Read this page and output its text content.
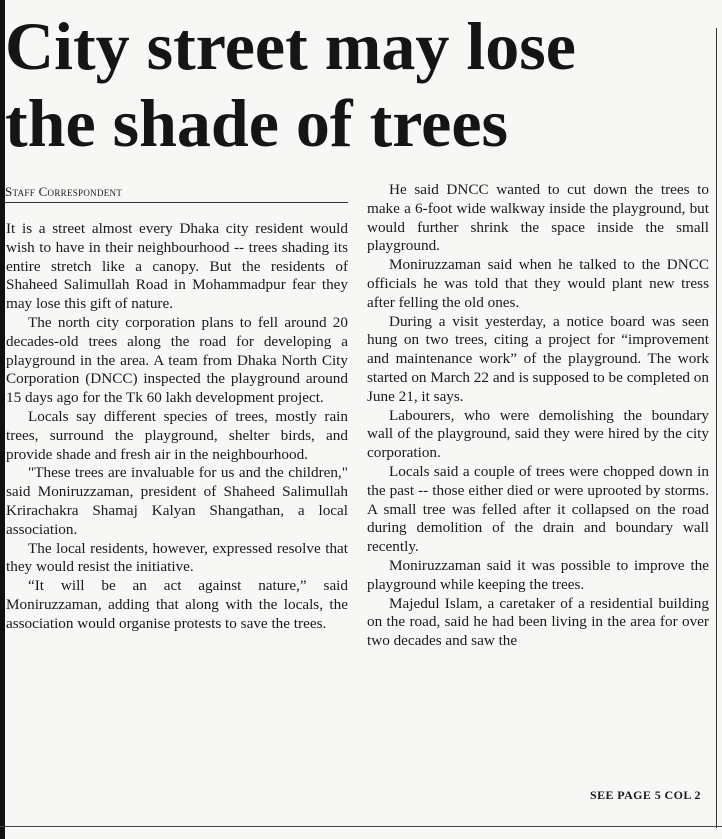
City street may lose
the shade of trees
Staff Correspondent

It is a street almost every Dhaka city resident would wish to have in their neighbourhood -- trees shading its entire stretch like a canopy. But the residents of Shaheed Salimullah Road in Mohammadpur fear they may lose this gift of nature.

The north city corporation plans to fell around 20 decades-old trees along the road for developing a playground in the area. A team from Dhaka North City Corporation (DNCC) inspected the playground around 15 days ago for the Tk 60 lakh development project.

Locals say different species of trees, mostly rain trees, surround the playground, shelter birds, and provide shade and fresh air in the neighbourhood.

"These trees are invaluable for us and the children," said Moniruzzaman, president of Shaheed Salimullah Krirachakra Shamaj Kalyan Shangathan, a local association.

The local residents, however, expressed resolve that they would resist the initiative.

“It will be an act against nature,” said Moniruzzaman, adding that along with the locals, the association would organise protests to save the trees.

He said DNCC wanted to cut down the trees to make a 6-foot wide walkway inside the playground, but would further shrink the space inside the small playground.

Moniruzzaman said when he talked to the DNCC officials he was told that they would plant new tress after felling the old ones.

During a visit yesterday, a notice board was seen hung on two trees, citing a project for “improvement and maintenance work” of the playground. The work started on March 22 and is supposed to be completed on June 21, it says.

Labourers, who were demolishing the boundary wall of the playground, said they were hired by the city corporation.

Locals said a couple of trees were chopped down in the past -- those either died or were uprooted by storms. A small tree was felled after it collapsed on the road during demolition of the drain and boundary wall recently.

Moniruzzaman said it was possible to improve the playground while keeping the trees.

Majedul Islam, a caretaker of a residential building on the road, said he had been living in the area for over two decades and saw the

SEE PAGE 5 COL 2
